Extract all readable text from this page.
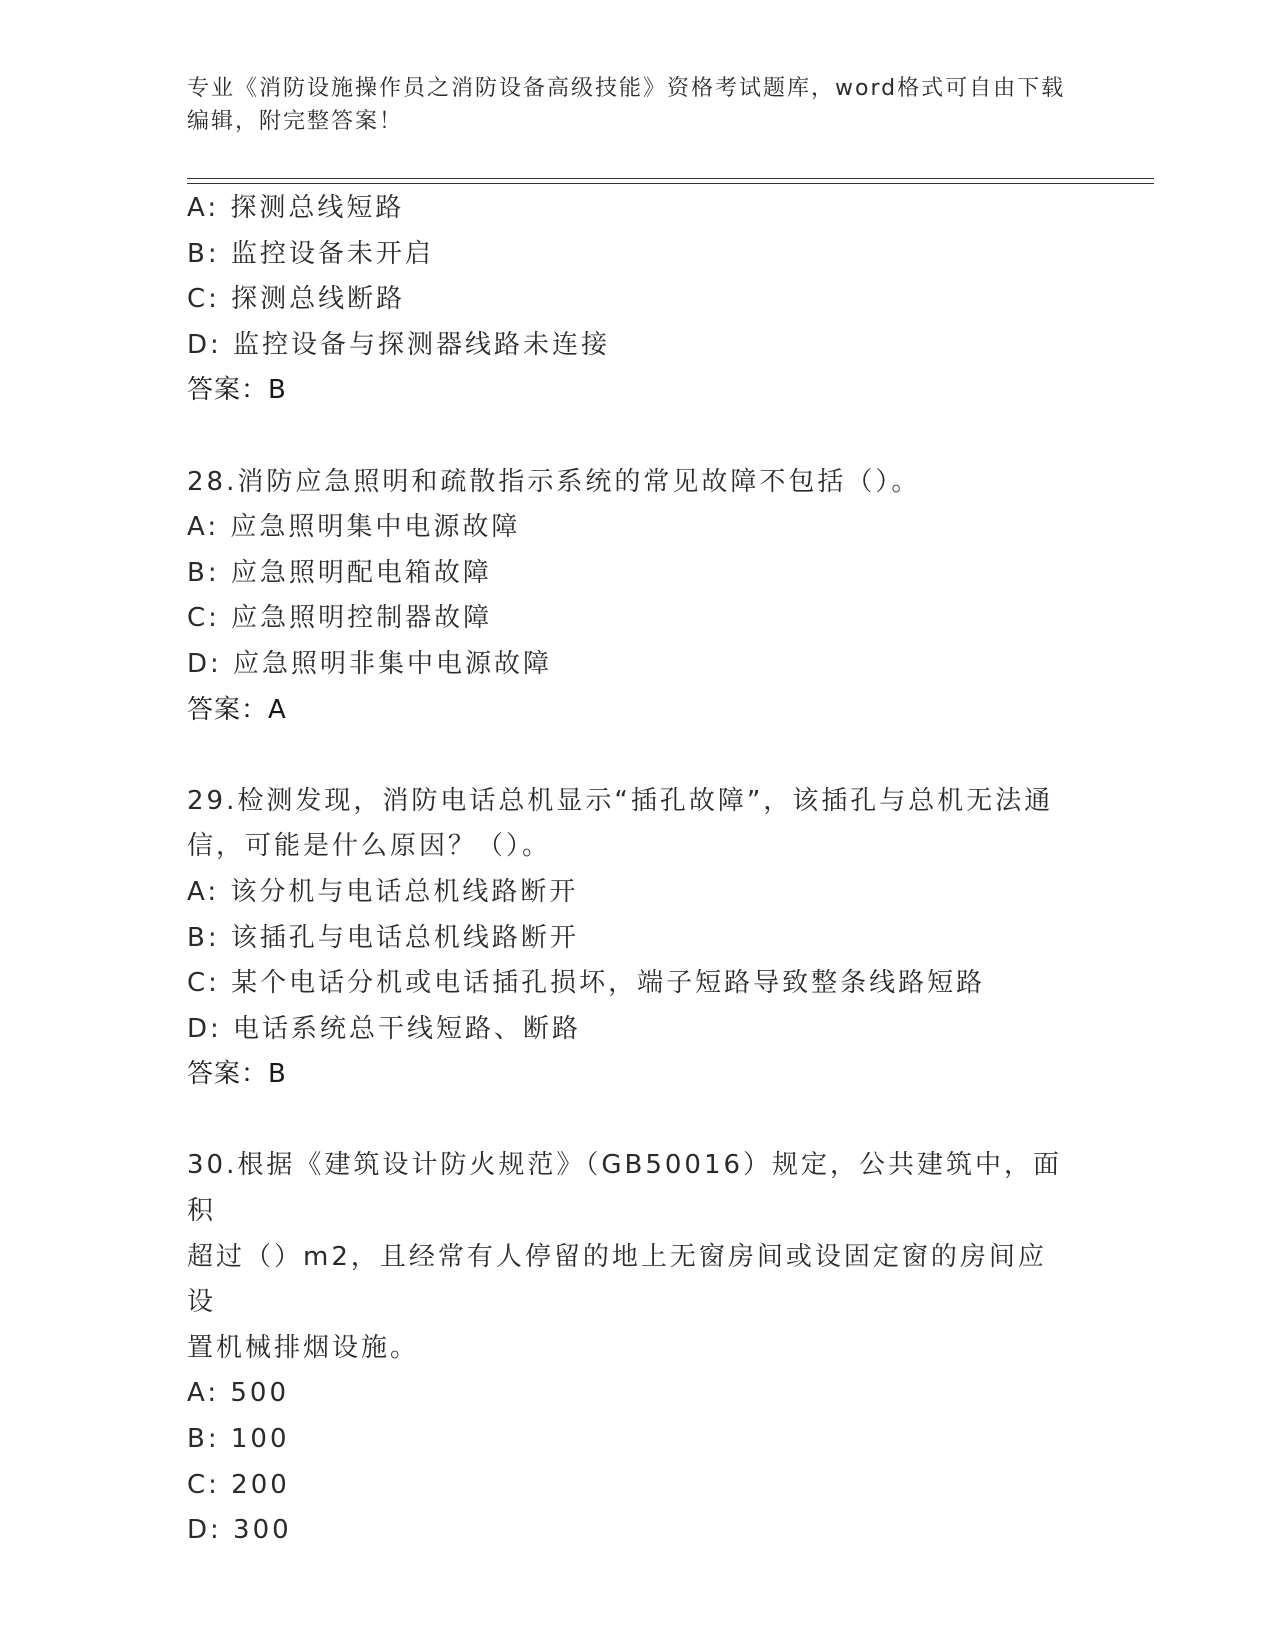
专业《消防设施操作员之消防设备高级技能》资格考试题库，word格式可自由下载编辑，附完整答案！
A: 探测总线短路
B: 监控设备未开启
C: 探测总线断路
D: 监控设备与探测器线路未连接
答案：B
28.消防应急照明和疏散指示系统的常见故障不包括（）。
A: 应急照明集中电源故障
B: 应急照明配电箱故障
C: 应急照明控制器故障
D: 应急照明非集中电源故障
答案：A
29.检测发现，消防电话总机显示“插孔故障”，该插孔与总机无法通
信，可能是什么原因？（）。
A: 该分机与电话总机线路断开
B: 该插孔与电话总机线路断开
C: 某个电话分机或电话插孔损坏，端子短路导致整条线路短路
D: 电话系统总干线短路、断路
答案：B
30.根据《建筑设计防火规范》（GB50016）规定，公共建筑中，面积
超过（）m2，且经常有人停留的地上无窗房间或设固定窗的房间应设
置机械排烟设施。
A: 500
B: 100
C: 200
D: 300
